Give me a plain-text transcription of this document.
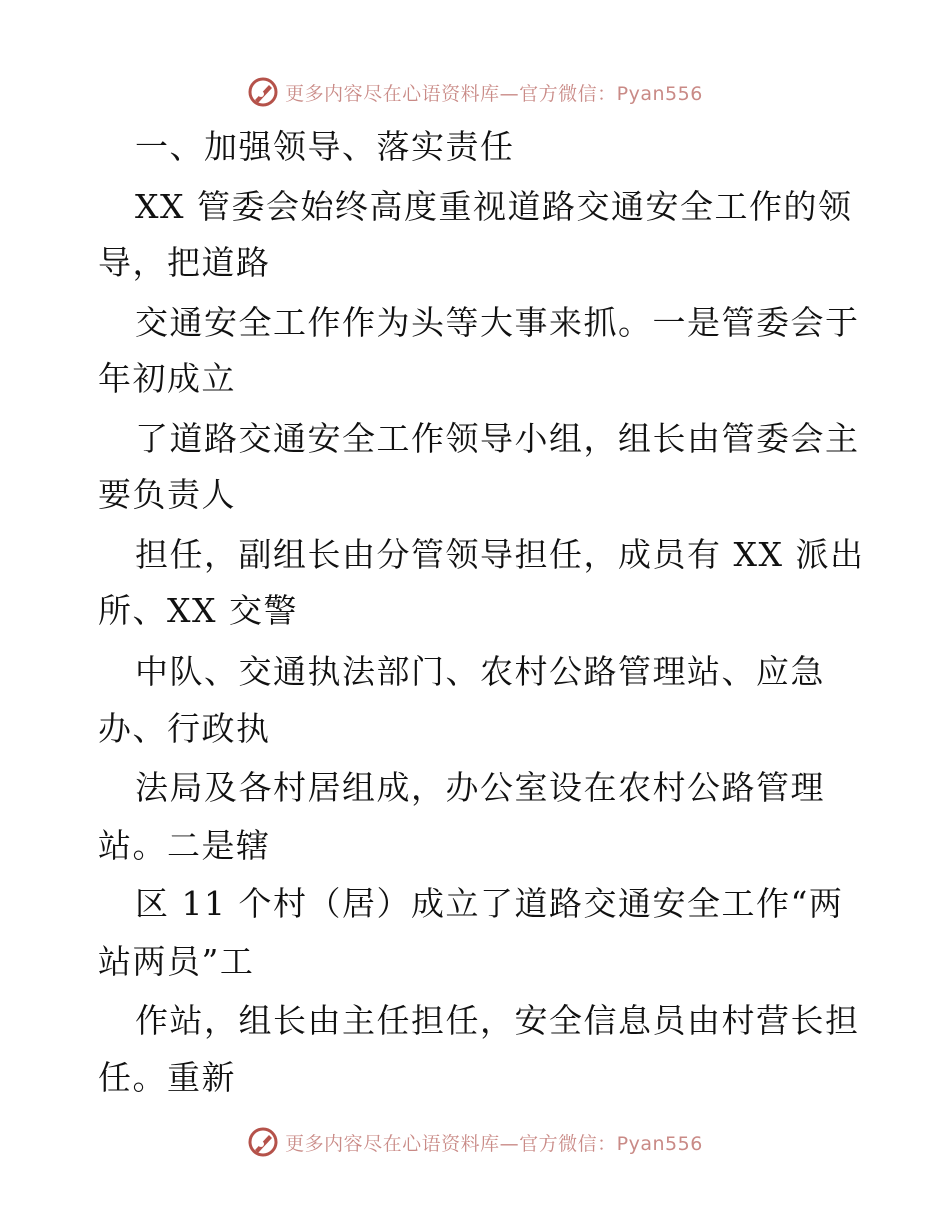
更多内容尽在心语资料库—官方微信：Pyan556
一、加强领导、落实责任
XX 管委会始终高度重视道路交通安全工作的领
导，把道路
交通安全工作作为头等大事来抓。一是管委会于
年初成立
了道路交通安全工作领导小组，组长由管委会主
要负责人
担任，副组长由分管领导担任，成员有 XX 派出
所、XX 交警
中队、交通执法部门、农村公路管理站、应急
办、行政执
法局及各村居组成，办公室设在农村公路管理
站。二是辖
区 11 个村（居）成立了道路交通安全工作“两
站两员”工
作站，组长由主任担任，安全信息员由村营长担
任。重新
更多内容尽在心语资料库—官方微信：Pyan556
